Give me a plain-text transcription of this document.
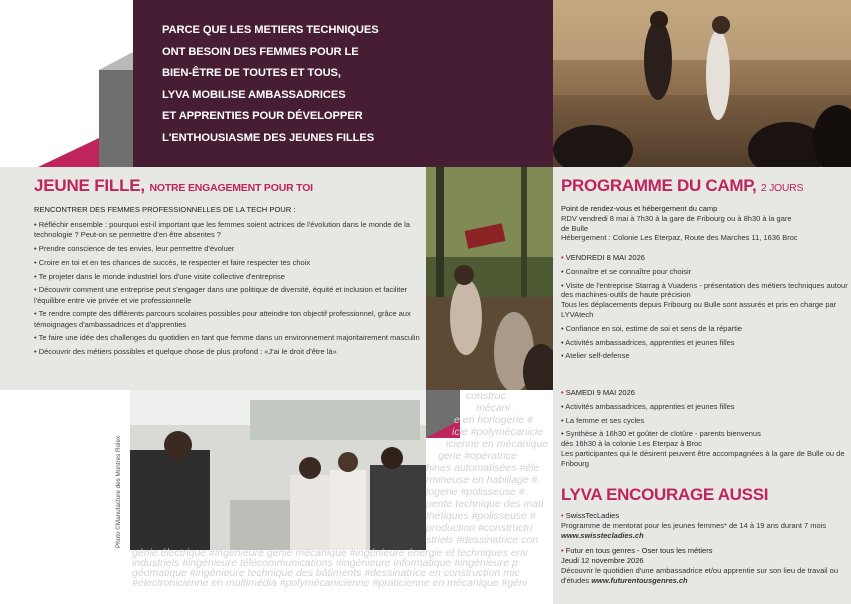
PARCE QUE LES METIERS TECHNIQUES
ONT BESOIN DES FEMMES POUR LE
BIEN-ÊTRE DE TOUTES ET TOUS,
LYVA MOBILISE AMBASSADRICES
ET APPRENTIES POUR DÉVELOPPER
L'ENTHOUSIASME DES JEUNES FILLES
JEUNE FILLE, NOTRE ENGAGEMENT POUR TOI
RENCONTRER DES FEMMES PROFESSIONNELLES DE LA TECH POUR :
• Réfléchir ensemble : pourquoi est-il important que les femmes soient actrices de l'évolution dans le monde de la technologie ? Peut-on se permettre d'en être absentes ?
• Prendre conscience de tes envies, leur permettre d'évoluer
• Croire en toi et en tes chances de succès, te respecter et faire respecter tes choix
• Te projeter dans le monde industriel lors d'une visite collective d'entreprise
• Découvrir comment une entreprise peut s'engager dans une politique de diversité, équité et inclusion et faciliter l'équilibre entre vie privée et vie professionnelle
• Te rendre compte des différents parcours scolaires possibles pour atteindre ton objectif professionnel, grâce aux témoignages d'ambassadrices et d'apprenties
• Te faire une idée des challenges du quotidien en tant que femme dans un environnement majoritairement masculin
• Découvrir des métiers possibles et quelque chose de plus profond : «J'ai le droit d'être là»
Photo ©Manufacture des Montres Rolex
construc
mécani
e en horlogerie #
icie #polymécanicie
icienne en mécanique
gerie #opératrice
hines automatisées #éle
rmineuse en habillage #
logerie #polisseuse #
pente technique des mati
thétiques #polisseuse #
production #constructri
striels #dessinatrice con
génie électrique #ingénieure génie mécanique #ingénieure énergie et techniques env
industriels #ingénieure télécommunications #ingénieure informatique #ingénieure p
géomatique #ingénieure technique des bâtiments #dessinatrice en construction mic
#électronicienne en multimédia #polymécanicienne #praticienne en mécanique #géni
PROGRAMME DU CAMP, 2 JOURS
Point de rendez-vous et hébergement du camp
RDV vendredi 8 mai à 7h30 à la gare de Fribourg ou à 8h30 à la gare
de Bulle
Hébergement : Colonie Les Eterpaz, Route des Marches 11, 1636 Broc
• VENDREDI 8 MAI 2026
• Connaître et se connaître pour choisir
• Visite de l'entreprise Starrag à Vuadens - présentation des métiers techniques autour des machines-outils de haute précision
Tous les déplacements depuis Fribourg ou Bulle sont assurés et pris en charge par LYVAtech
• Confiance en soi, estime de soi et sens de la répartie
• Activités ambassadrices, apprenties et jeunes filles
• Atelier self-defense
• SAMEDI 9 MAI 2026
• Activités ambassadrices, apprenties et jeunes filles
• La femme et ses cycles
• Synthèse à 16h30 et goûter de clotûre - parents bienvenus
dès 16h30 à la colonie Les Eterpaz à Broc
Les participantes qui le désirent peuvent être accompagnées à la gare de Bulle ou de Fribourg
LYVA ENCOURAGE AUSSI
• SwissTecLadies
Programme de mentorat pour les jeunes femmes* de 14 à 19 ans durant 7 mois www.swisstecladies.ch
• Futur en tous genres - Oser tous les métiers
Jeudi 12 novembre 2026
Découvrir le quotidien d'une ambassadrice et/ou apprentie sur son lieu de travail ou d'études www.futurentousgenres.ch
